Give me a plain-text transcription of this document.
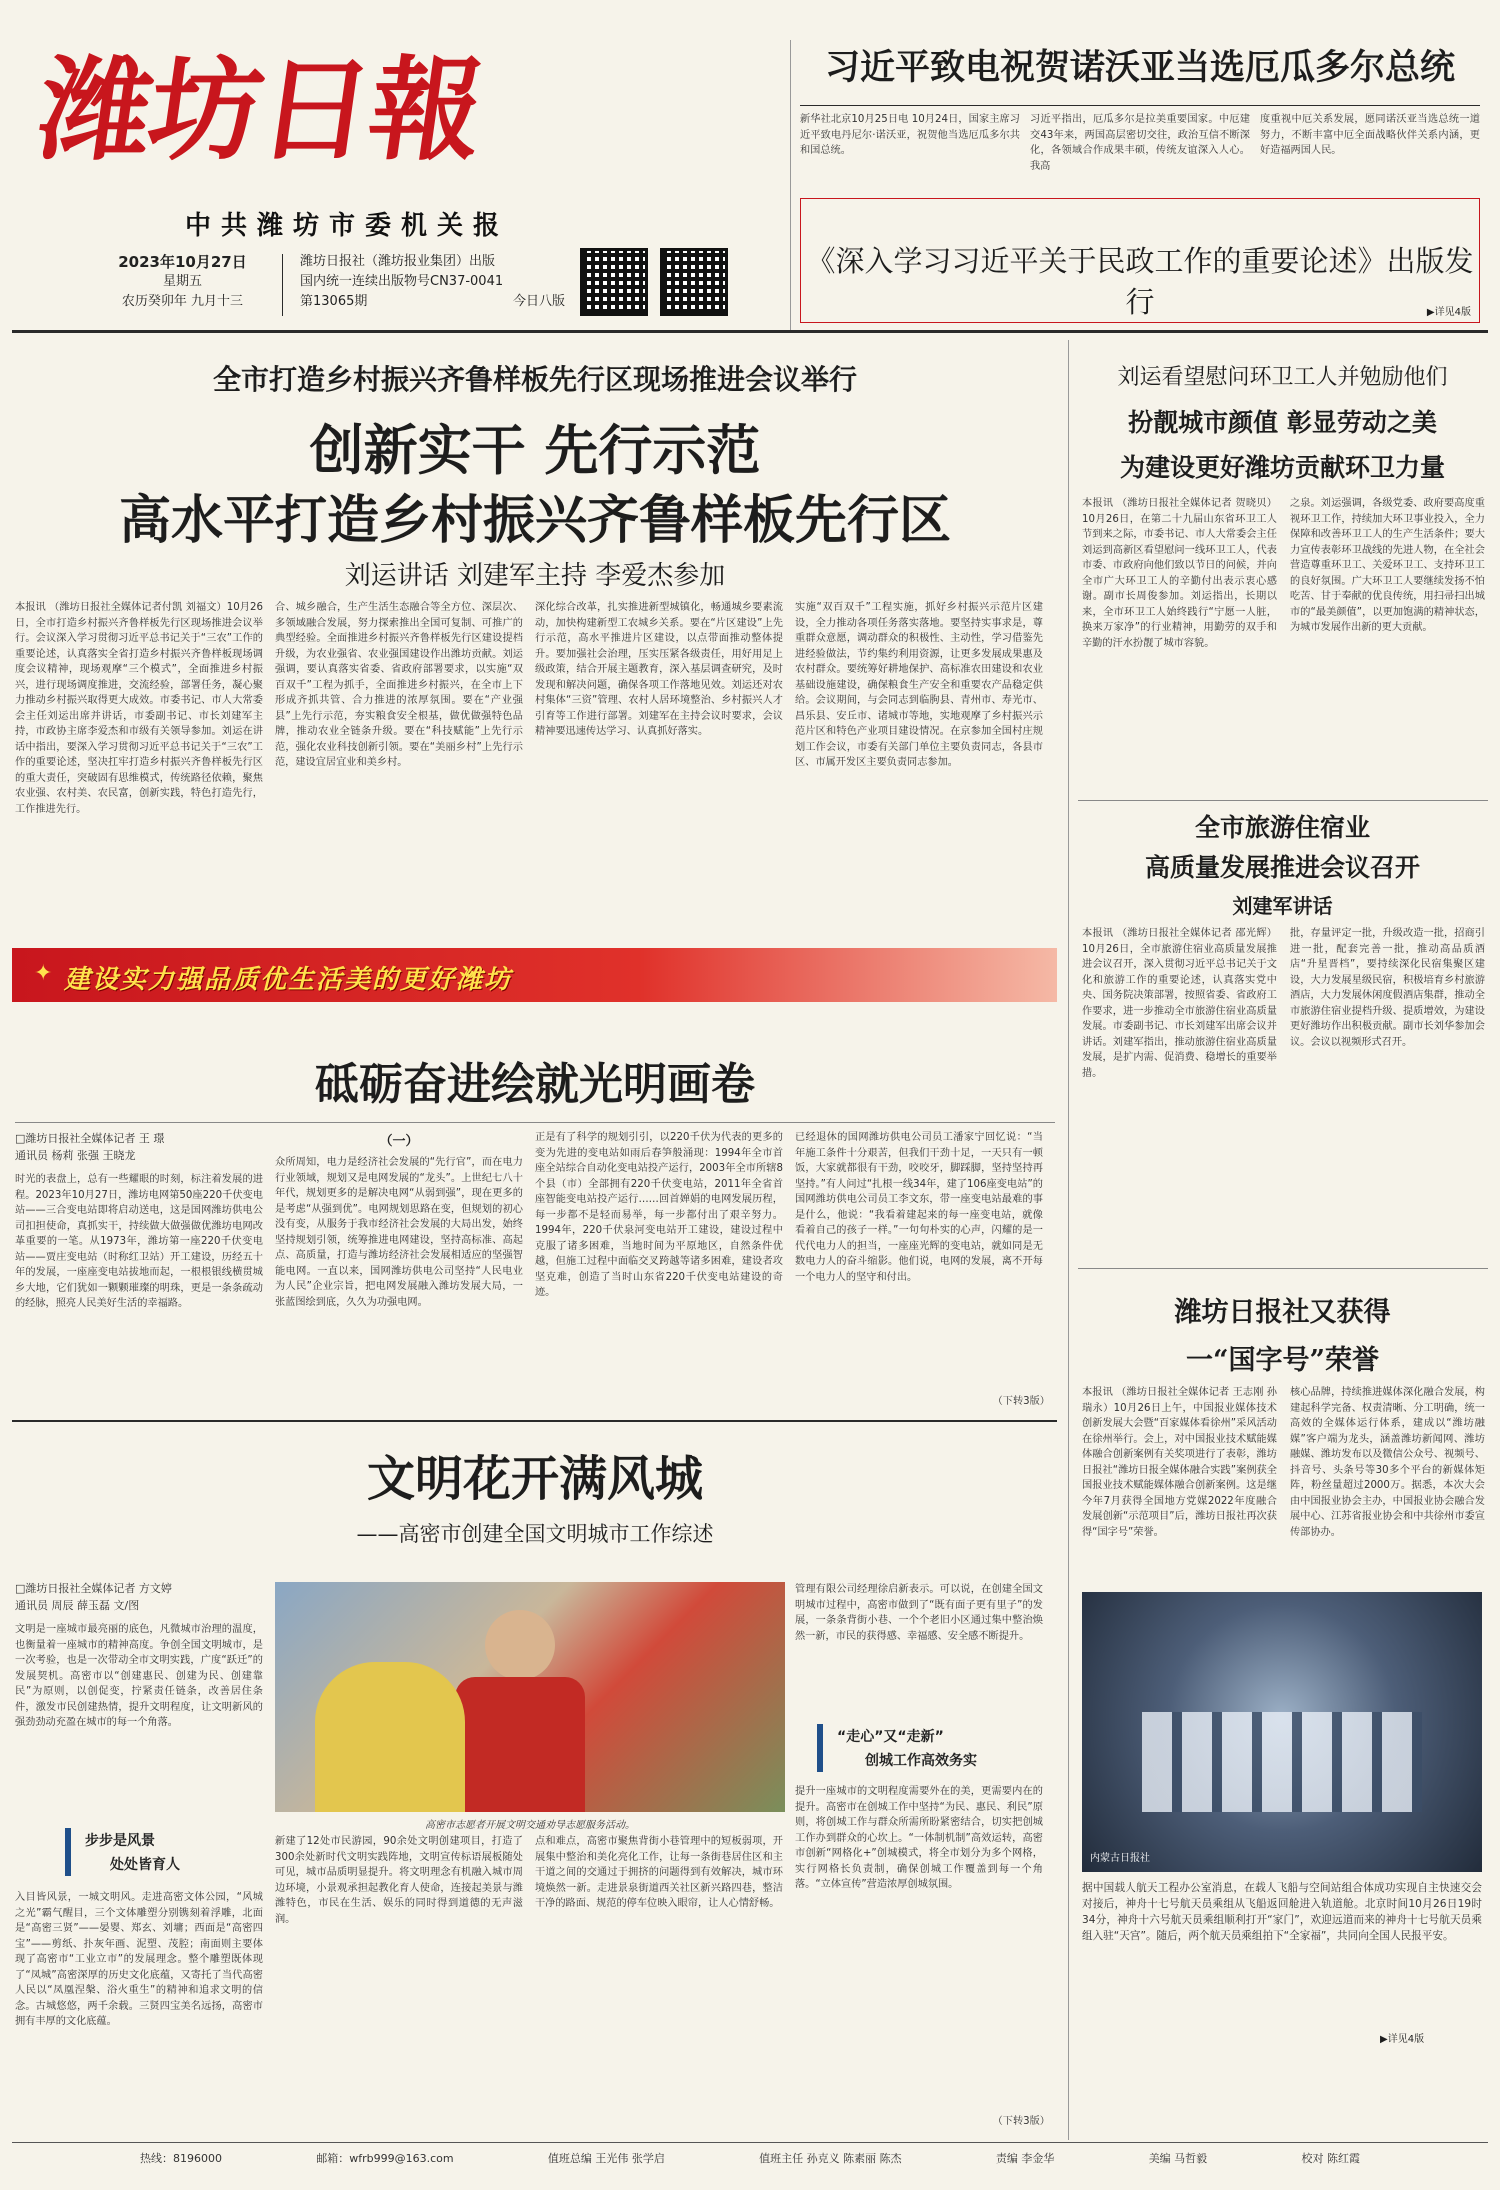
潍坊日報
中共潍坊市委机关报
2023年10月27日
星期五
农历癸卯年 九月十三
潍坊日报社（潍坊报业集团）出版
国内统一连续出版物号CN37-0041
第13065期	今日八版
习近平致电祝贺诺沃亚当选厄瓜多尔总统
新华社北京10月25日电 10月24日，国家主席习近平致电丹尼尔·诺沃亚，祝贺他当选厄瓜多尔共和国总统。
习近平指出，厄瓜多尔是拉美重要国家。中厄建交43年来，两国高层密切交往，政治互信不断深化，各领域合作成果丰硕，传统友谊深入人心。我高
度重视中厄关系发展，愿同诺沃亚当选总统一道努力，不断丰富中厄全面战略伙伴关系内涵，更好造福两国人民。
《深入学习习近平关于民政工作的重要论述》出版发行	▶详见4版
全市打造乡村振兴齐鲁样板先行区现场推进会议举行
创新实干 先行示范
高水平打造乡村振兴齐鲁样板先行区
刘运讲话 刘建军主持 李爱杰参加
本报讯 （潍坊日报社全媒体记者付凯 刘福文）10月26日，全市打造乡村振兴齐鲁样板先行区现场推进会议举行。会议深入学习贯彻习近平总书记关于“三农”工作的重要论述，认真落实全省打造乡村振兴齐鲁样板现场调度会议精神，现场观摩“三个模式”，全面推进乡村振兴，进行现场调度推进，交流经验，部署任务，凝心聚力推动乡村振兴取得更大成效。市委书记、市人大常委会主任刘运出席并讲话，市委副书记、市长刘建军主持，市政协主席李爱杰和市级有关领导参加。刘运在讲话中指出，要深入学习贯彻习近平总书记关于“三农”工作的重要论述，坚决扛牢打造乡村振兴齐鲁样板先行区的重大责任，突破固有思维模式，传统路径依赖，聚焦农业强、农村美、农民富，创新实践，特色打造先行，工作推进先行。
合、城乡融合，生产生活生态融合等全方位、深层次、多领域融合发展，努力探索推出全国可复制、可推广的典型经验。全面推进乡村振兴齐鲁样板先行区建设提档升级，为农业强省、农业强国建设作出潍坊贡献。刘运强调，要认真落实省委、省政府部署要求，以实施“双百双千”工程为抓手，全面推进乡村振兴，在全市上下形成齐抓共管、合力推进的浓厚氛围。要在“产业强县”上先行示范，夯实粮食安全根基，做优做强特色品牌，推动农业全链条升级。要在“科技赋能”上先行示范，强化农业科技创新引领。要在“美丽乡村”上先行示范，建设宜居宜业和美乡村。
深化综合改革，扎实推进新型城镇化，畅通城乡要素流动，加快构建新型工农城乡关系。要在“片区建设”上先行示范，高水平推进片区建设，以点带面推动整体提升。要加强社会治理，压实压紧各级责任，用好用足上级政策，结合开展主题教育，深入基层调查研究，及时发现和解决问题，确保各项工作落地见效。刘运还对农村集体“三资”管理、农村人居环境整治、乡村振兴人才引育等工作进行部署。刘建军在主持会议时要求，会议精神要迅速传达学习、认真抓好落实。
实施“双百双千”工程实施，抓好乡村振兴示范片区建设，全力推动各项任务落实落地。要坚持实事求是，尊重群众意愿，调动群众的积极性、主动性，学习借鉴先进经验做法，节约集约利用资源，让更多发展成果惠及农村群众。要统筹好耕地保护、高标准农田建设和农业基础设施建设，确保粮食生产安全和重要农产品稳定供给。会议期间，与会同志到临朐县、青州市、寿光市、昌乐县、安丘市、诸城市等地，实地观摩了乡村振兴示范片区和特色产业项目建设情况。在京参加全国村庄规划工作会议，市委有关部门单位主要负责同志，各县市区、市属开发区主要负责同志参加。
✦ 建设实力强品质优生活美的更好潍坊
砥砺奋进绘就光明画卷
□潍坊日报社全媒体记者 王 璟
通讯员 杨莉 张强 王晓龙
时光的表盘上，总有一些耀眼的时刻，标注着发展的进程。2023年10月27日，潍坊电网第50座220千伏变电站——三合变电站即将启动送电，这是国网潍坊供电公司扣担使命，真抓实干，持续做大做强做优潍坊电网改革重要的一笔。从1973年，潍坊第一座220千伏变电站——贾庄变电站（时称红卫站）开工建设，历经五十年的发展，一座座变电站拔地而起，一根根银线横贯城乡大地，它们犹如一颗颗璀璨的明珠，更是一条条疏动的经脉，照亮人民美好生活的幸福路。
（一）
众所周知，电力是经济社会发展的“先行官”，而在电力行业领域，规划又是电网发展的“龙头”。上世纪七八十年代，规划更多的是解决电网“从弱到强”，现在更多的是考虑“从强到优”。电网规划思路在变，但规划的初心没有变，从服务于我市经济社会发展的大局出发，始终坚持规划引领，统筹推进电网建设，坚持高标准、高起点、高质量，打造与潍坊经济社会发展相适应的坚强智能电网。一直以来，国网潍坊供电公司坚持“人民电业为人民”企业宗旨，把电网发展融入潍坊发展大局，一张蓝图绘到底，久久为功强电网。
正是有了科学的规划引引，以220千伏为代表的更多的变为先进的变电站如雨后春笋般涌现：1994年全市首座全站综合自动化变电站投产运行，2003年全市所辖8个县（市）全部拥有220千伏变电站，2011年全省首座智能变电站投产运行……回首婵娟的电网发展历程，每一步都不是轻而易举，每一步都付出了艰辛努力。1994年，220千伏泉河变电站开工建设，建设过程中克服了诸多困难，当地时间为平原地区，自然条件优越，但施工过程中面临交叉跨越等诸多困难，建设者攻坚克难，创造了当时山东省220千伏变电站建设的奇迹。
已经退休的国网潍坊供电公司员工潘家宁回忆说：“当年施工条件十分艰苦，但我们干劲十足，一天只有一顿饭，大家就都很有干劲，咬咬牙，脚踩脚，坚持坚持再坚持。”有人问过“扎根一线34年，建了106座变电站”的国网潍坊供电公司员工李文东，带一座变电站最难的事是什么，他说：“我看着建起来的每一座变电站，就像看着自己的孩子一样。”一句句朴实的心声，闪耀的是一代代电力人的担当，一座座光辉的变电站，就如同是无数电力人的奋斗缩影。他们说，电网的发展，离不开每一个电力人的坚守和付出。
（下转3版）
文明花开满风城
——高密市创建全国文明城市工作综述
□潍坊日报社全媒体记者 方文婷
通讯员 周辰 薛玉磊 文/图
文明是一座城市最亮丽的底色，凡微城市治理的温度，也衡量着一座城市的精神高度。争创全国文明城市，是一次考验，也是一次带动全市文明实践，广度“跃迁”的发展契机。高密市以“创建惠民、创建为民、创建靠民”为原则，以创促变，拧紧责任链条，改善居住条件，激发市民创建热情，提升文明程度，让文明新风的强劲劲动充盈在城市的每一个角落。
步步是风景
处处皆育人
入目皆风景，一城文明风。走进高密文体公园，“风城之光”霸气醒目，三个文体雕塑分别镌刻着浮雕，北面是“高密三贤”——晏婴、郑玄、刘墉；西面是“高密四宝”——剪纸、扑灰年画、泥塑、茂腔；南面则主要体现了高密市“工业立市”的发展理念。整个雕塑既体现了“凤城”高密深厚的历史文化底蕴，又寄托了当代高密人民以“凤凰涅槃、浴火重生”的精神和追求文明的信念。古城悠悠，两千余载。三贤四宝美名远扬，高密市拥有丰厚的文化底蕴。
高密市志愿者开展文明交通劝导志愿服务活动。
新建了12处市民游园，90余处文明创建项目，打造了300余处新时代文明实践阵地，文明宣传标语展板随处可见，城市品质明显提升。将文明理念有机融入城市周边环境，小景观承担起教化育人使命，连接起美景与潍潍特色，市民在生活、娱乐的同时得到道德的无声滋润。
点和难点，高密市聚焦背街小巷管理中的短板弱项，开展集中整治和美化亮化工作，让每一条街巷居住区和主干道之间的交通过于拥挤的问题得到有效解决，城市环境焕然一新。走进景泉街道西关社区新兴路四巷，整洁干净的路面、规范的停车位映入眼帘，让人心情舒畅。
管理有限公司经理徐启新表示。可以说，在创建全国文明城市过程中，高密市做到了“既有面子更有里子”的发展，一条条背街小巷、一个个老旧小区通过集中整治焕然一新，市民的获得感、幸福感、安全感不断提升。
“走心”又“走新”
创城工作高效务实
提升一座城市的文明程度需要外在的美，更需要内在的提升。高密市在创城工作中坚持“为民、惠民、利民”原则，将创城工作与群众所需所盼紧密结合，切实把创城工作办到群众的心坎上。“一体制机制”高效运转，高密市创新“网格化+”创城模式，将全市划分为多个网格，实行网格长负责制，确保创城工作覆盖到每一个角落。“立体宣传”营造浓厚创城氛围。
（下转3版）
刘运看望慰问环卫工人并勉励他们
扮靓城市颜值 彰显劳动之美
为建设更好潍坊贡献环卫力量
本报讯 （潍坊日报社全媒体记者 贺晓贝）10月26日，在第二十九届山东省环卫工人节到来之际，市委书记、市人大常委会主任刘运到高新区看望慰问一线环卫工人，代表市委、市政府向他们致以节日的问候，并向全市广大环卫工人的辛勤付出表示衷心感谢。副市长周俊参加。刘运指出，长期以来，全市环卫工人始终践行“宁愿一人脏，换来万家净”的行业精神，用勤劳的双手和辛勤的汗水扮靓了城市容貌。
之泉。刘运强调，各级党委、政府要高度重视环卫工作，持续加大环卫事业投入，全力保障和改善环卫工人的生产生活条件；要大力宣传表彰环卫战线的先进人物，在全社会营造尊重环卫工、关爱环卫工、支持环卫工的良好氛围。广大环卫工人要继续发扬不怕吃苦、甘于奉献的优良传统，用扫帚扫出城市的“最美颜值”，以更加饱满的精神状态，为城市发展作出新的更大贡献。
全市旅游住宿业
高质量发展推进会议召开
刘建军讲话
本报讯 （潍坊日报社全媒体记者 邵光辉）10月26日，全市旅游住宿业高质量发展推进会议召开，深入贯彻习近平总书记关于文化和旅游工作的重要论述，认真落实党中央、国务院决策部署，按照省委、省政府工作要求，进一步推动全市旅游住宿业高质量发展。市委副书记、市长刘建军出席会议并讲话。刘建军指出，推动旅游住宿业高质量发展，是扩内需、促消费、稳增长的重要举措。
批，存量评定一批，升级改造一批，招商引进一批，配套完善一批，推动高品质酒店“升星晋档”，要持续深化民宿集聚区建设，大力发展星级民宿，积极培育乡村旅游酒店，大力发展休闲度假酒店集群，推动全市旅游住宿业提档升级、提质增效，为建设更好潍坊作出积极贡献。副市长刘华参加会议。会议以视频形式召开。
潍坊日报社又获得
一“国字号”荣誉
本报讯 （潍坊日报社全媒体记者 王志刚 孙瑞永）10月26日上午，中国报业媒体技术创新发展大会暨“百家媒体看徐州”采风活动在徐州举行。会上，对中国报业技术赋能媒体融合创新案例有关奖项进行了表彰，潍坊日报社“潍坊日报全媒体融合实践”案例获全国报业技术赋能媒体融合创新案例。这是继今年7月获得全国地方党媒2022年度融合发展创新“示范项目”后，潍坊日报社再次获得“国字号”荣誉。
核心品牌，持续推进媒体深化融合发展，构建起科学完备、权责清晰、分工明确，统一高效的全媒体运行体系，建成以“潍坊融媒”客户端为龙头，涵盖潍坊新闻网、潍坊融媒、潍坊发布以及微信公众号、视频号、抖音号、头条号等30多个平台的新媒体矩阵，粉丝量超过2000万。据悉，本次大会由中国报业协会主办，中国报业协会融合发展中心、江苏省报业协会和中共徐州市委宣传部协办。
内蒙古日报社
据中国载人航天工程办公室消息，在载人飞船与空间站组合体成功实现自主快速交会对接后，神舟十七号航天员乘组从飞船返回舱进入轨道舱。北京时间10月26日19时34分，神舟十六号航天员乘组顺利打开“家门”，欢迎远道而来的神舟十七号航天员乘组入驻“天宫”。随后，两个航天员乘组拍下“全家福”，共同向全国人民报平安。
▶详见4版
热线：8196000	邮箱：wfrb999@163.com	值班总编 王光伟 张学启	值班主任 孙克义 陈素丽 陈杰	责编 李金华	美编 马哲毅	校对 陈红霞
